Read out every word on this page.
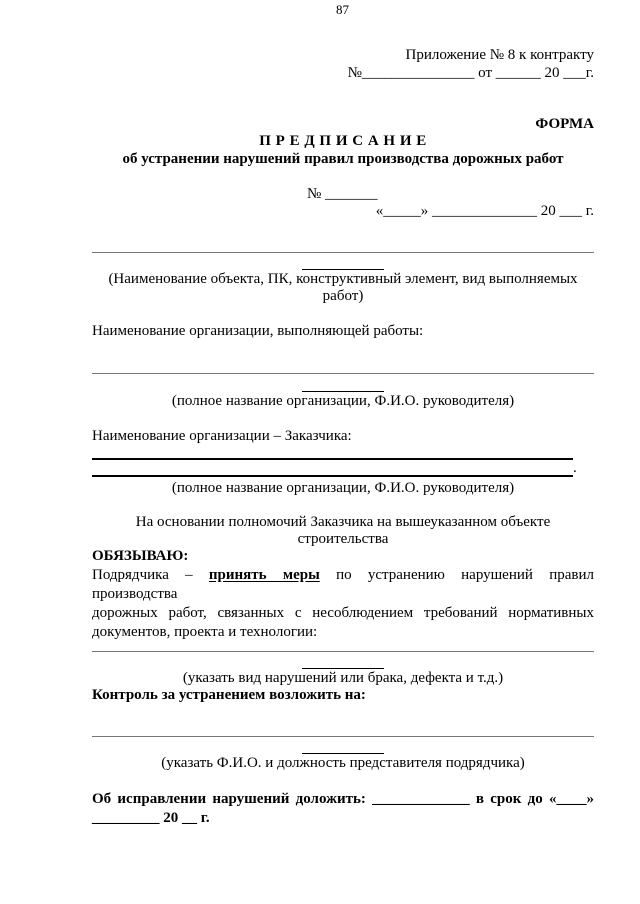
87
Приложение № 8 к контракту
№_______________ от ______ 20 ___г.
ФОРМА
П Р Е Д П И С А Н И Е
об устранении нарушений правил производства дорожных работ
№ _______
«_____» ______________ 20 ___ г.
(Наименование объекта, ПК, конструктивный элемент, вид выполняемых
работ)
Наименование организации, выполняющей работы:
(полное название организации, Ф.И.О. руководителя)
Наименование организации – Заказчика:
.
(полное название организации, Ф.И.О. руководителя)
На основании полномочий Заказчика на вышеуказанном объекте
строительства
ОБЯЗЫВАЮ:
Подрядчика – принять меры по устранению нарушений правил производства
дорожных работ, связанных с несоблюдением требований нормативных
документов, проекта и технологии:
(указать вид нарушений или брака, дефекта и т.д.)
Контроль за устранением возложить на:
(указать Ф.И.О. и должность представителя подрядчика)
Об исправлении нарушений доложить: _____________ в срок до «____»
_________ 20 __ г.
